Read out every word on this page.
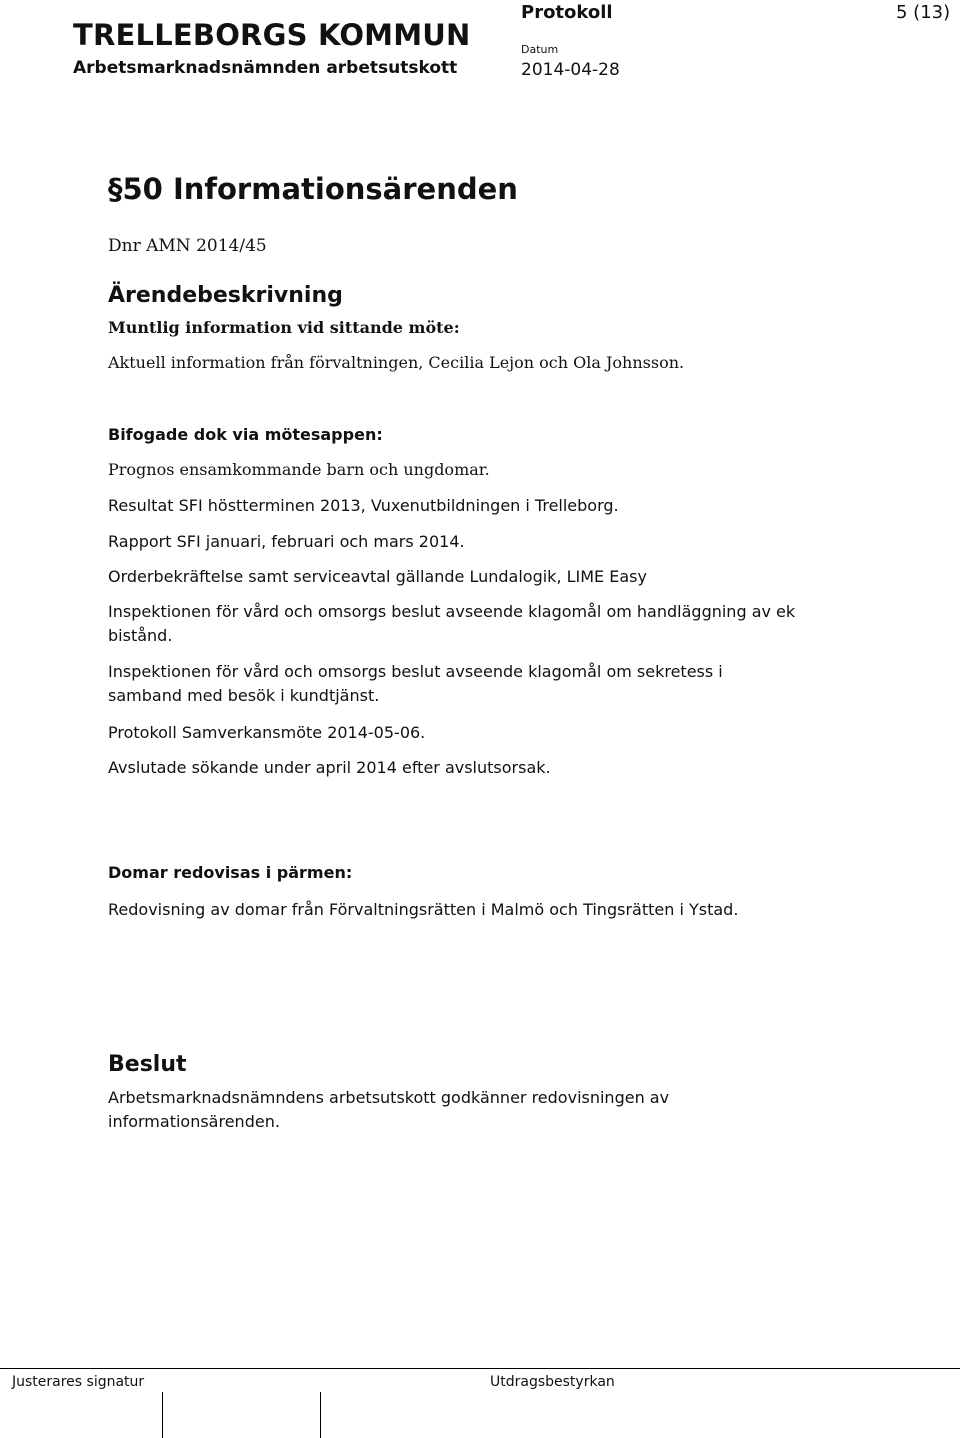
TRELLEBORGS KOMMUN
Arbetsmarknadsnämnden arbetsutskott
Protokoll	5 (13)
Datum
2014-04-28
§50 Informationsärenden
Dnr AMN 2014/45
Ärendebeskrivning
Muntlig information vid sittande möte:
Aktuell information från förvaltningen, Cecilia Lejon och Ola Johnsson.
Bifogade dok via mötesappen:
Prognos ensamkommande barn och ungdomar.
Resultat SFI höstterminen 2013, Vuxenutbildningen i Trelleborg.
Rapport SFI januari, februari och mars 2014.
Orderbekräftelse samt serviceavtal gällande Lundalogik, LIME Easy
Inspektionen för vård och omsorgs beslut avseende klagomål om handläggning av ek bistånd.
Inspektionen för vård och omsorgs beslut avseende klagomål om sekretess i samband med besök i kundtjänst.
Protokoll Samverkansmöte 2014-05-06.
Avslutade sökande under april 2014 efter avslutsorsak.
Domar redovisas i pärmen:
Redovisning av domar från Förvaltningsrätten i Malmö och Tingsrätten i Ystad.
Beslut
Arbetsmarknadsnämndens arbetsutskott godkänner redovisningen av informationsärenden.
Justerares signatur	Utdragsbestyrkan
